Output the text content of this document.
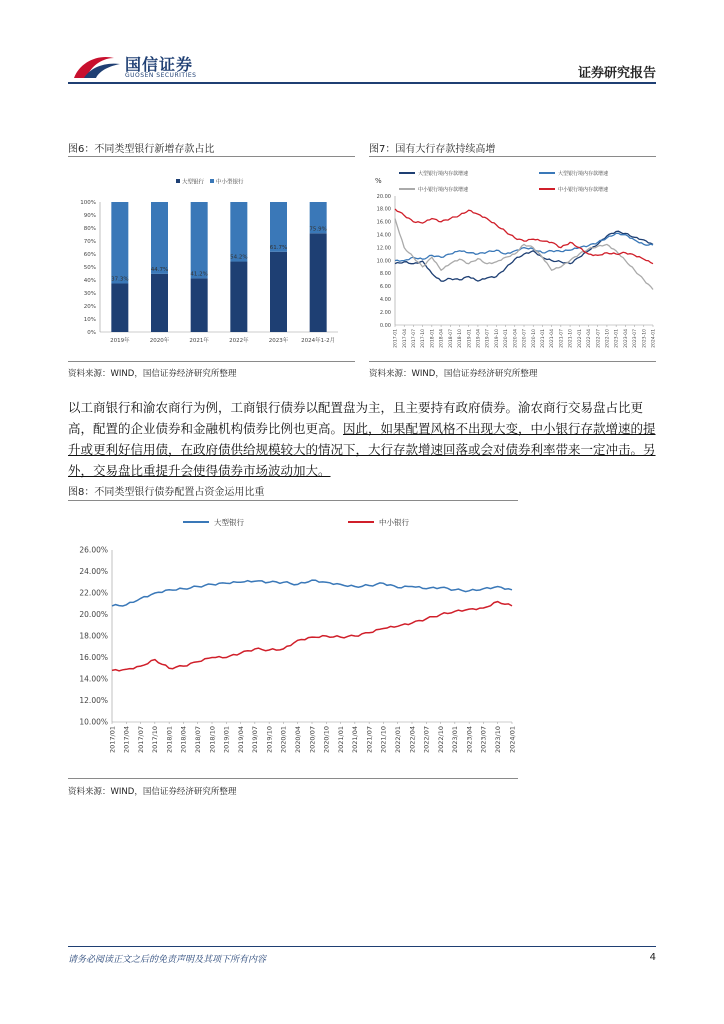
国信证券
GUOSEN SECURITIES	证券研究报告
图6：不同类型银行新增存款占比
大型银行 中小型银行
0%
10%
20%
30%
40%
50%
60%
70%
80%
90%
100%
37.3%
2019年
44.7%
2020年
41.2%
2021年
54.2%
2022年
61.7%
2023年
75.9%
2024年1-2月
资料来源：WIND，国信证券经济研究所整理
图7：国有大行存款持续高增
大型银行境内存款增速	大型银行境内存款增速
中小银行境内存款增速	中小银行境内存款增速
%
0.00
2.00
4.00
6.00
8.00
10.00
12.00
14.00
16.00
18.00
20.00
2017-01 2017-04 2017-07 2017-10 2018-01 2018-04 2018-07 2018-10 2019-01 2019-04 2019-07 2019-10 2020-01 2020-04 2020-07 2020-10 2021-01 2021-04 2021-07 2021-10 2022-01 2022-04 2022-07 2022-10 2023-01 2023-04 2023-07 2023-10 2024-01
资料来源：WIND，国信证券经济研究所整理
以工商银行和渝农商行为例，工商银行债券以配置盘为主，且主要持有政府债券。渝农商行交易盘占比更高，配置的企业债券和金融机构债券比例也更高。因此，如果配置风格不出现大变，中小银行存款增速的提升或更利好信用债，在政府债供给规模较大的情况下，大行存款增速回落或会对债券利率带来一定冲击。另外，交易盘比重提升会使得债券市场波动加大。
图8：不同类型银行债券配置占资金运用比重
大型银行	中小银行
10.00%
12.00%
14.00%
16.00%
18.00%
20.00%
22.00%
24.00%
26.00%
2017/01 2017/04 2017/07 2017/10 2018/01 2018/04 2018/07 2018/10 2019/01 2019/04 2019/07 2019/10 2020/01 2020/04 2020/07 2020/10 2021/01 2021/04 2021/07 2021/10 2022/01 2022/04 2022/07 2022/10 2023/01 2023/04 2023/07 2023/10 2024/01
资料来源：WIND，国信证券经济研究所整理
请务必阅读正文之后的免责声明及其项下所有内容	4
